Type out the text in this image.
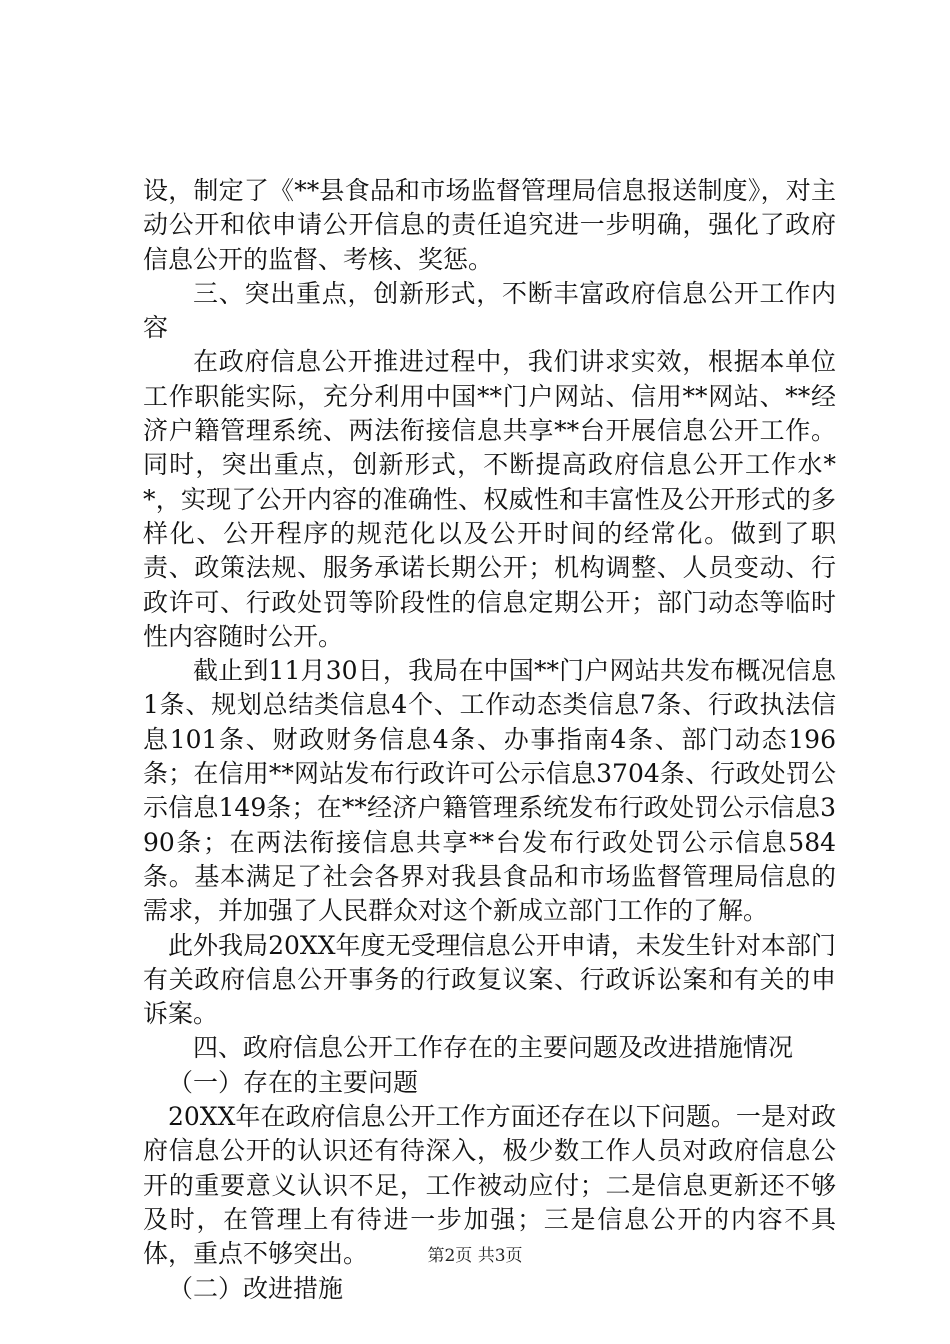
设，制定了《**县食品和市场监督管理局信息报送制度》，对主动公开和依申请公开信息的责任追究进一步明确，强化了政府信息公开的监督、考核、奖惩。

三、突出重点，创新形式，不断丰富政府信息公开工作内容

在政府信息公开推进过程中，我们讲求实效，根据本单位工作职能实际，充分利用中国**门户网站、信用**网站、**经济户籍管理系统、两法衔接信息共享**台开展信息公开工作。同时，突出重点，创新形式，不断提高政府信息公开工作水**，实现了公开内容的准确性、权威性和丰富性及公开形式的多样化、公开程序的规范化以及公开时间的经常化。做到了职责、政策法规、服务承诺长期公开；机构调整、人员变动、行政许可、行政处罚等阶段性的信息定期公开；部门动态等临时性内容随时公开。

截止到11月30日，我局在中国**门户网站共发布概况信息1条、规划总结类信息4个、工作动态类信息7条、行政执法信息101条、财政财务信息4条、办事指南4条、部门动态196条；在信用**网站发布行政许可公示信息3704条、行政处罚公示信息149条；在**经济户籍管理系统发布行政处罚公示信息390条；在两法衔接信息共享**台发布行政处罚公示信息584条。基本满足了社会各界对我县食品和市场监督管理局信息的需求，并加强了人民群众对这个新成立部门工作的了解。

此外我局20XX年度无受理信息公开申请，未发生针对本部门有关政府信息公开事务的行政复议案、行政诉讼案和有关的申诉案。

四、政府信息公开工作存在的主要问题及改进措施情况

（一）存在的主要问题

20XX年在政府信息公开工作方面还存在以下问题。一是对政府信息公开的认识还有待深入，极少数工作人员对政府信息公开的重要意义认识不足，工作被动应付；二是信息更新还不够及时，在管理上有待进一步加强；三是信息公开的内容不具体，重点不够突出。

（二）改进措施

第2页 共3页
